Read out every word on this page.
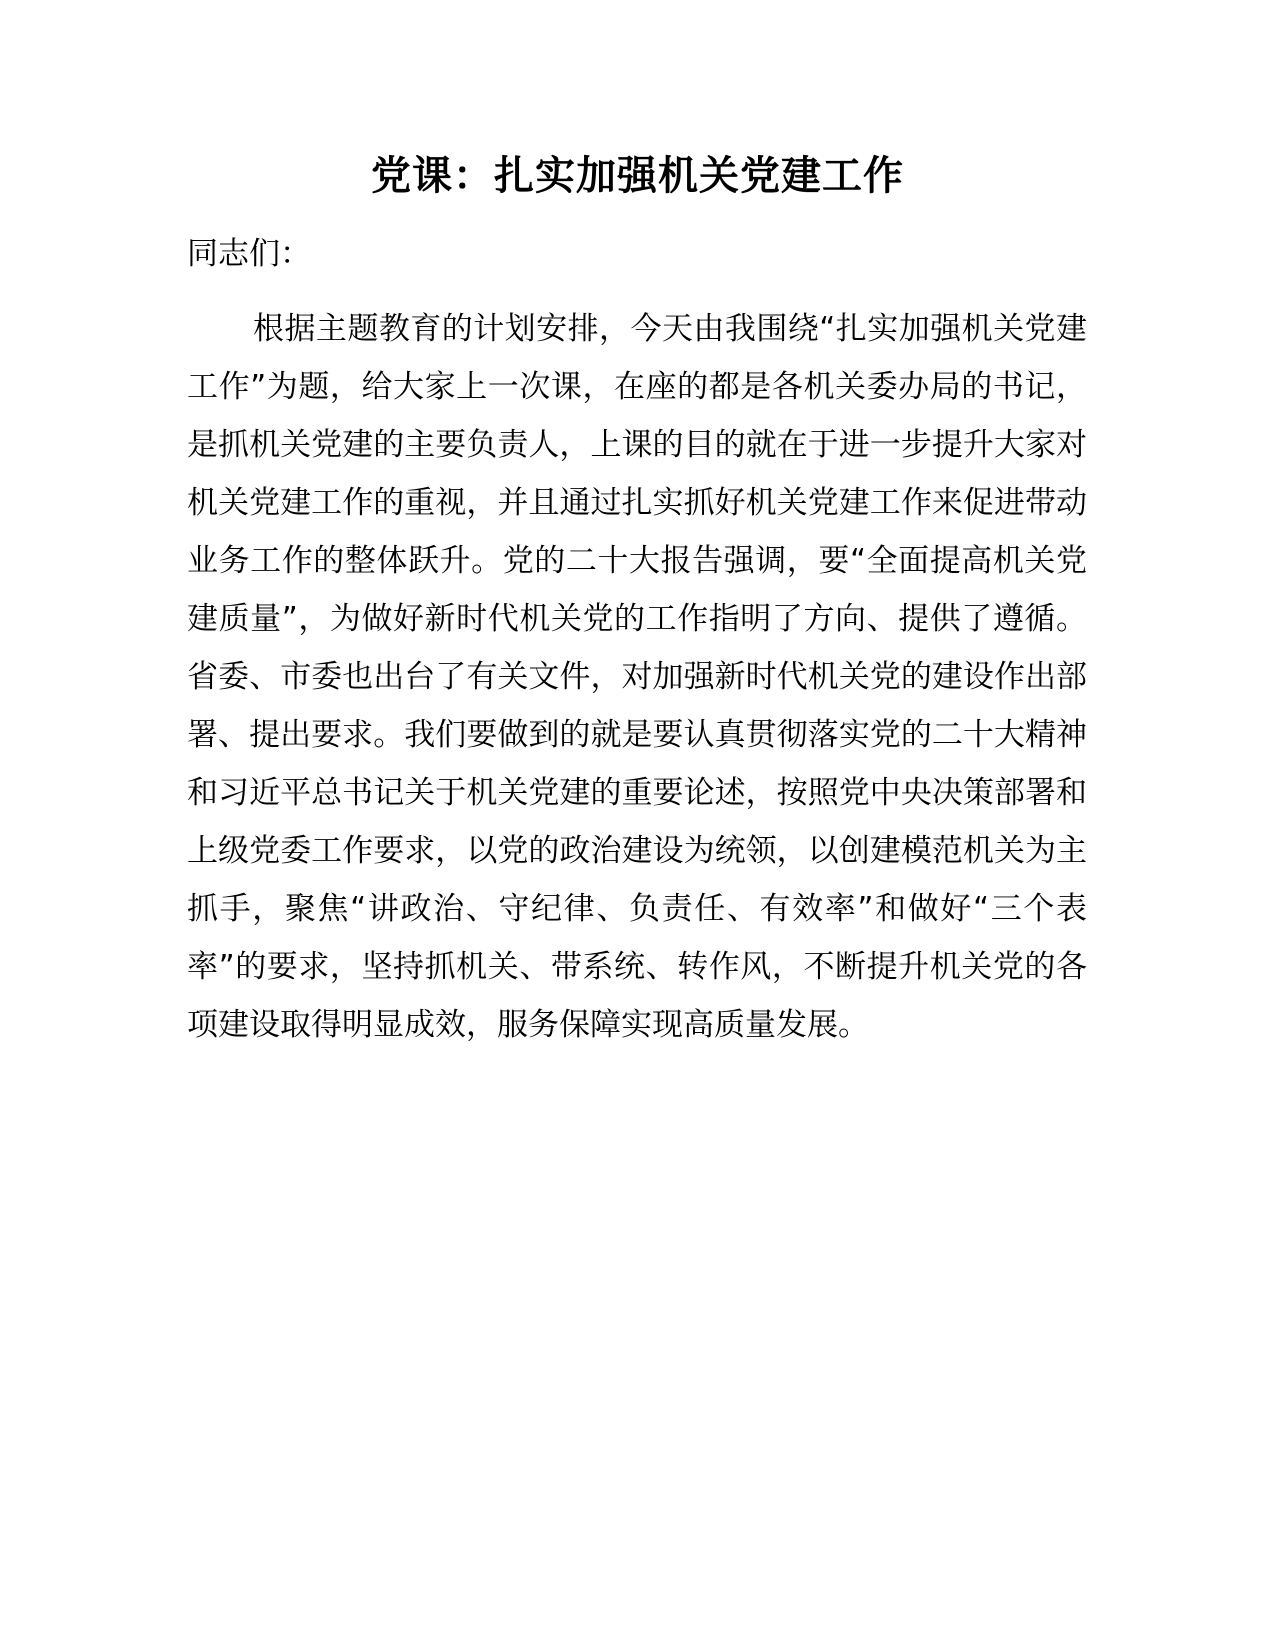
党课：扎实加强机关党建工作

同志们：

根据主题教育的计划安排，今天由我围绕“扎实加强机关党建工作”为题，给大家上一次课，在座的都是各机关委办局的书记，是抓机关党建的主要负责人，上课的目的就在于进一步提升大家对机关党建工作的重视，并且通过扎实抓好机关党建工作来促进带动业务工作的整体跃升。党的二十大报告强调，要“全面提高机关党建质量”，为做好新时代机关党的工作指明了方向、提供了遵循。省委、市委也出台了有关文件，对加强新时代机关党的建设作出部署、提出要求。我们要做到的就是要认真贯彻落实党的二十大精神和习近平总书记关于机关党建的重要论述，按照党中央决策部署和上级党委工作要求，以党的政治建设为统领，以创建模范机关为主抓手，聚焦“讲政治、守纪律、负责任、有效率”和做好“三个表率”的要求，坚持抓机关、带系统、转作风，不断提升机关党的各项建设取得明显成效，服务保障实现高质量发展。
